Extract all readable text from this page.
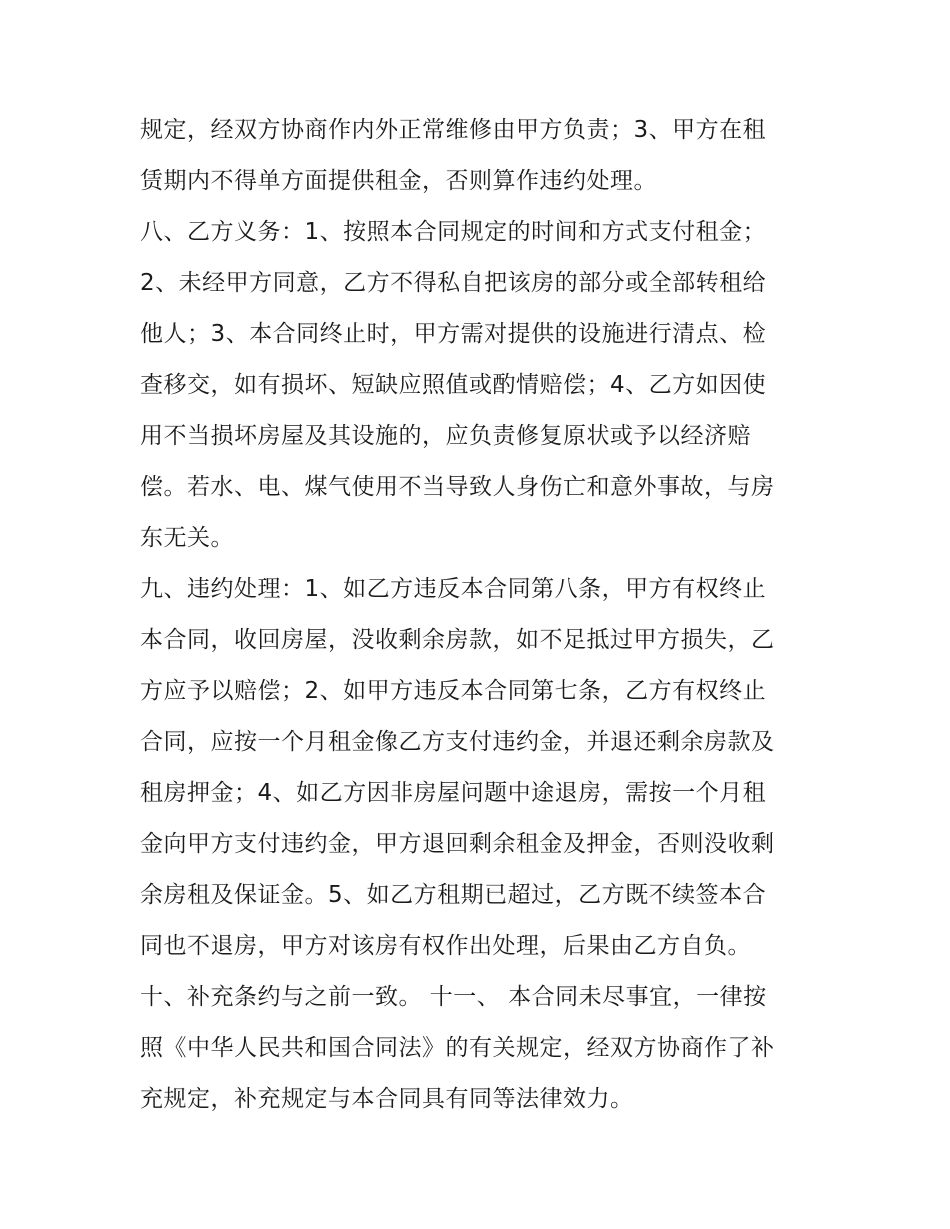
规定，经双方协商作内外正常维修由甲方负责；3、甲方在租
赁期内不得单方面提供租金，否则算作违约处理。
八、乙方义务：1、按照本合同规定的时间和方式支付租金；
2、未经甲方同意，乙方不得私自把该房的部分或全部转租给
他人；3、本合同终止时，甲方需对提供的设施进行清点、检
查移交，如有损坏、短缺应照值或酌情赔偿；4、乙方如因使
用不当损坏房屋及其设施的，应负责修复原状或予以经济赔
偿。若水、电、煤气使用不当导致人身伤亡和意外事故，与房
东无关。
九、违约处理：1、如乙方违反本合同第八条，甲方有权终止
本合同，收回房屋，没收剩余房款，如不足抵过甲方损失，乙
方应予以赔偿；2、如甲方违反本合同第七条，乙方有权终止
合同，应按一个月租金像乙方支付违约金，并退还剩余房款及
租房押金；4、如乙方因非房屋问题中途退房，需按一个月租
金向甲方支付违约金，甲方退回剩余租金及押金，否则没收剩
余房租及保证金。5、如乙方租期已超过，乙方既不续签本合
同也不退房，甲方对该房有权作出处理，后果由乙方自负。
十、补充条约与之前一致。 十一、 本合同未尽事宜，一律按
照《中华人民共和国合同法》的有关规定，经双方协商作了补
充规定，补充规定与本合同具有同等法律效力。
